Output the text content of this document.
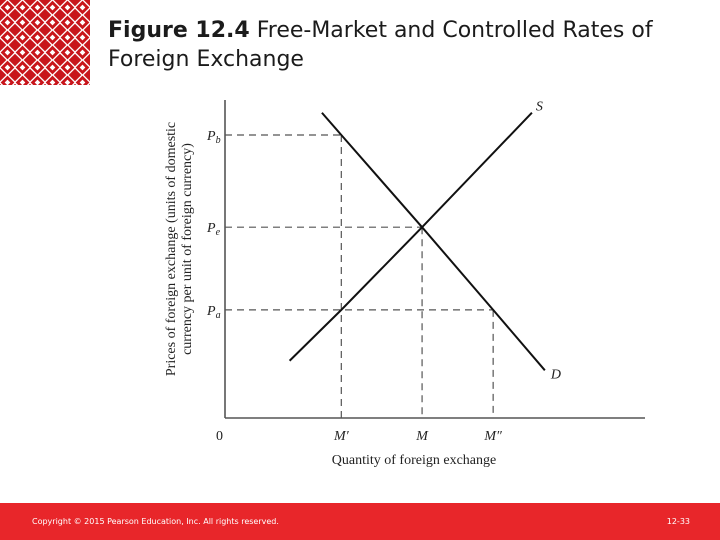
Figure 12.4 Free-Market and Controlled Rates of Foreign Exchange
S
D
$P_b$
$P_e$
$P_a$
M′	M	M″
0
Quantity of foreign exchange
Prices of foreign exchange (units of domestic currency per unit of foreign currency)
Copyright © 2015 Pearson Education, Inc. All rights reserved.	12-33
